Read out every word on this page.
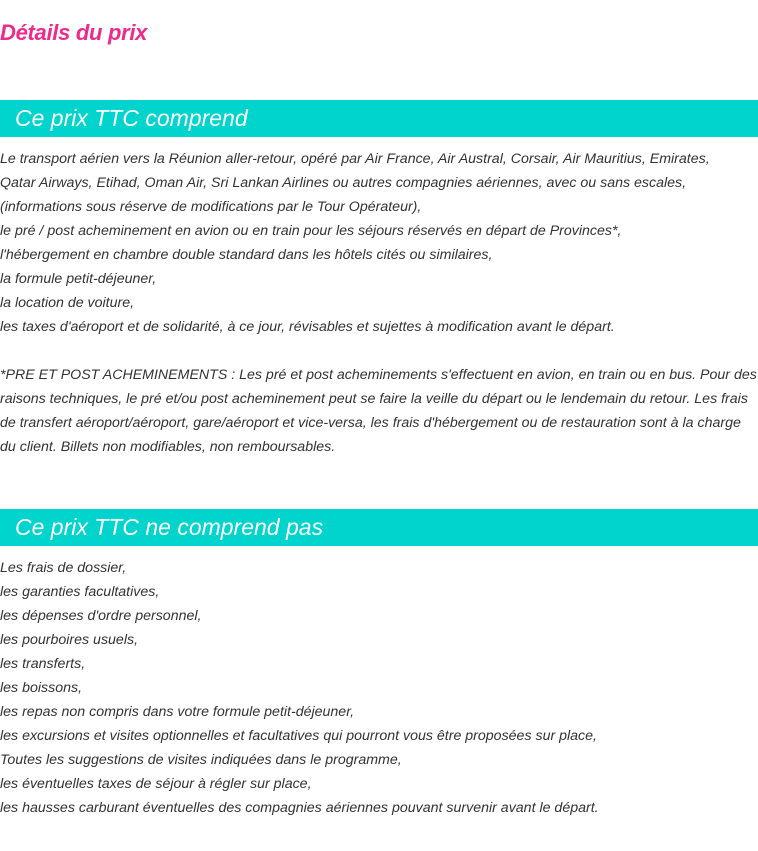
Détails du prix
Ce prix TTC comprend
Le transport aérien vers la Réunion aller-retour, opéré par Air France, Air Austral, Corsair, Air Mauritius, Emirates,
Qatar Airways, Etihad, Oman Air, Sri Lankan Airlines ou autres compagnies aériennes, avec ou sans escales,
(informations sous réserve de modifications par le Tour Opérateur),
le pré / post acheminement en avion ou en train pour les séjours réservés en départ de Provinces*,
l'hébergement en chambre double standard dans les hôtels cités ou similaires,
la formule petit-déjeuner,
la location de voiture,
les taxes d'aéroport et de solidarité, à ce jour, révisables et sujettes à modification avant le départ.
*PRE ET POST ACHEMINEMENTS : Les pré et post acheminements s'effectuent en avion, en train ou en bus. Pour des
raisons techniques, le pré et/ou post acheminement peut se faire la veille du départ ou le lendemain du retour. Les frais
de transfert aéroport/aéroport, gare/aéroport et vice-versa, les frais d'hébergement ou de restauration sont à la charge
du client. Billets non modifiables, non remboursables.
Ce prix TTC ne comprend pas
Les frais de dossier,
les garanties facultatives,
les dépenses d'ordre personnel,
les pourboires usuels,
les transferts,
les boissons,
les repas non compris dans votre formule petit-déjeuner,
les excursions et visites optionnelles et facultatives qui pourront vous être proposées sur place,
Toutes les suggestions de visites indiquées dans le programme,
les éventuelles taxes de séjour à régler sur place,
les hausses carburant éventuelles des compagnies aériennes pouvant survenir avant le départ.
